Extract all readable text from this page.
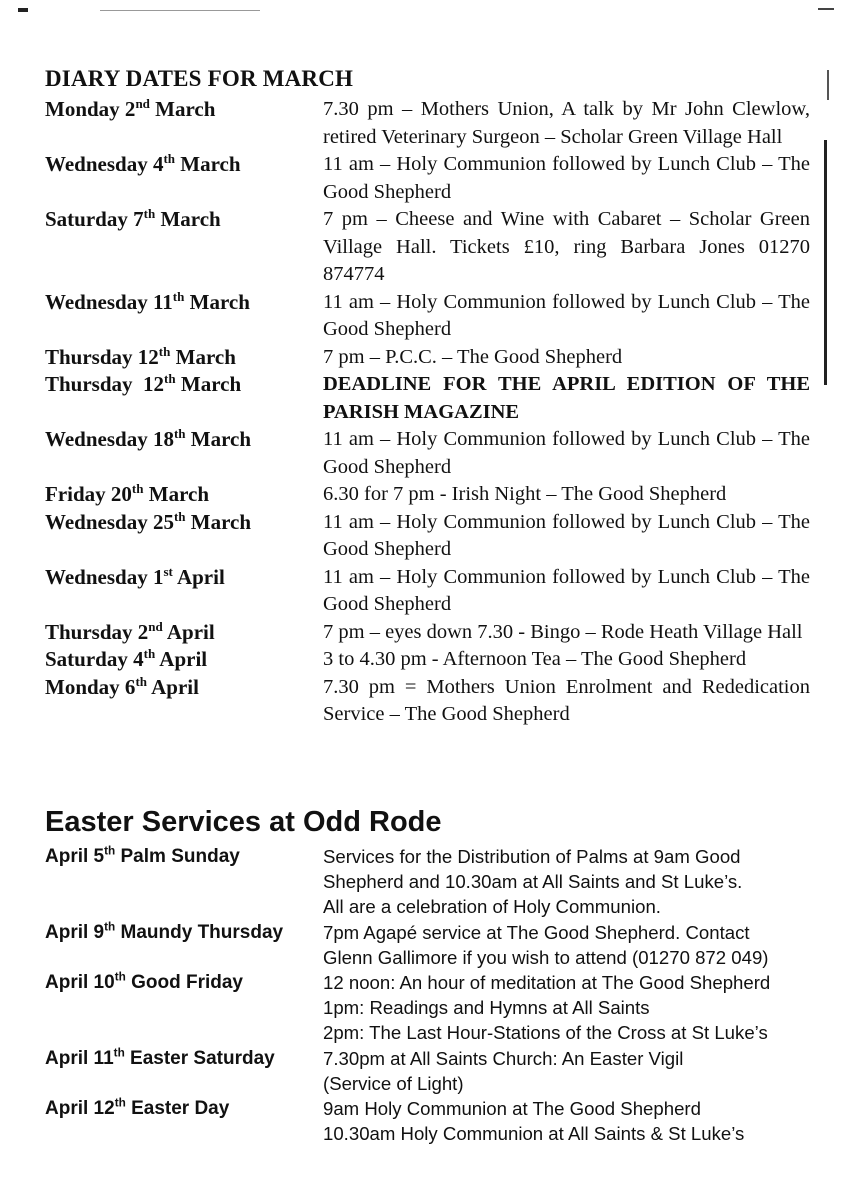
DIARY DATES FOR MARCH
Monday 2nd March	7.30 pm – Mothers Union, A talk by Mr John Clewlow, retired Veterinary Surgeon – Scholar Green Village Hall
Wednesday 4th March	11 am – Holy Communion followed by Lunch Club – The Good Shepherd
Saturday 7th March	7 pm – Cheese and Wine with Cabaret – Scholar Green Village Hall. Tickets £10, ring Barbara Jones 01270 874774
Wednesday 11th March	11 am – Holy Communion followed by Lunch Club – The Good Shepherd
Thursday 12th March	7 pm – P.C.C. – The Good Shepherd
Thursday  12th March	DEADLINE FOR THE APRIL EDITION OF THE PARISH MAGAZINE
Wednesday 18th March	11 am – Holy Communion followed by Lunch Club – The Good Shepherd
Friday 20th March	6.30 for 7 pm - Irish Night – The Good Shepherd
Wednesday 25th March	11 am – Holy Communion followed by Lunch Club – The Good Shepherd
Wednesday 1st April	11 am – Holy Communion followed by Lunch Club – The Good Shepherd
Thursday 2nd April	7 pm – eyes down 7.30 - Bingo – Rode Heath Village Hall
Saturday 4th April	3 to 4.30 pm - Afternoon Tea – The Good Shepherd
Monday 6th April	7.30 pm = Mothers Union Enrolment and Rededication Service – The Good Shepherd
Easter Services at Odd Rode
April 5th Palm Sunday	Services for the Distribution of Palms at 9am Good
Shepherd and 10.30am at All Saints and St Luke’s.
All are a celebration of Holy Communion.
April 9th Maundy Thursday	7pm Agapé service at The Good Shepherd. Contact
Glenn Gallimore if you wish to attend (01270 872 049)
April 10th Good Friday	12 noon: An hour of meditation at The Good Shepherd
1pm: Readings and Hymns at All Saints
2pm: The Last Hour-Stations of the Cross at St Luke’s
April 11th Easter Saturday	7.30pm at All Saints Church: An Easter Vigil
(Service of Light)
April 12th Easter Day	9am Holy Communion at The Good Shepherd
10.30am Holy Communion at All Saints & St Luke’s
